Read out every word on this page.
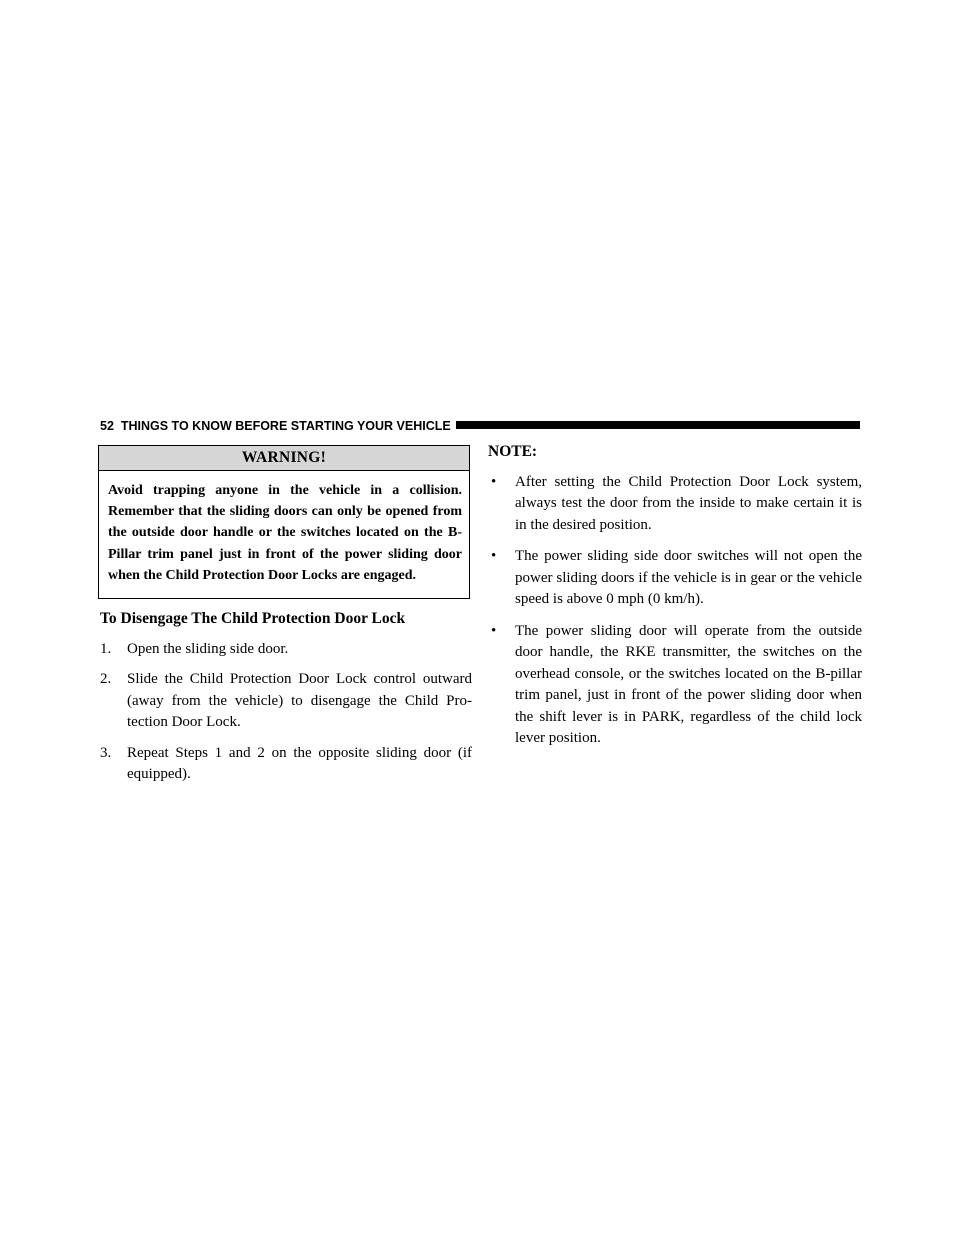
52 THINGS TO KNOW BEFORE STARTING YOUR VEHICLE
WARNING!
Avoid trapping anyone in the vehicle in a collision. Remember that the sliding doors can only be opened from the outside door handle or the switches located on the B-Pillar trim panel just in front of the power sliding door when the Child Protection Door Locks are engaged.
To Disengage The Child Protection Door Lock
1. Open the sliding side door.
2. Slide the Child Protection Door Lock control outward (away from the vehicle) to disengage the Child Pro-tection Door Lock.
3. Repeat Steps 1 and 2 on the opposite sliding door (if equipped).
NOTE:
• After setting the Child Protection Door Lock system, always test the door from the inside to make certain it is in the desired position.
• The power sliding side door switches will not open the power sliding doors if the vehicle is in gear or the vehicle speed is above 0 mph (0 km/h).
• The power sliding door will operate from the outside door handle, the RKE transmitter, the switches on the overhead console, or the switches located on the B-pillar trim panel, just in front of the power sliding door when the shift lever is in PARK, regardless of the child lock lever position.
